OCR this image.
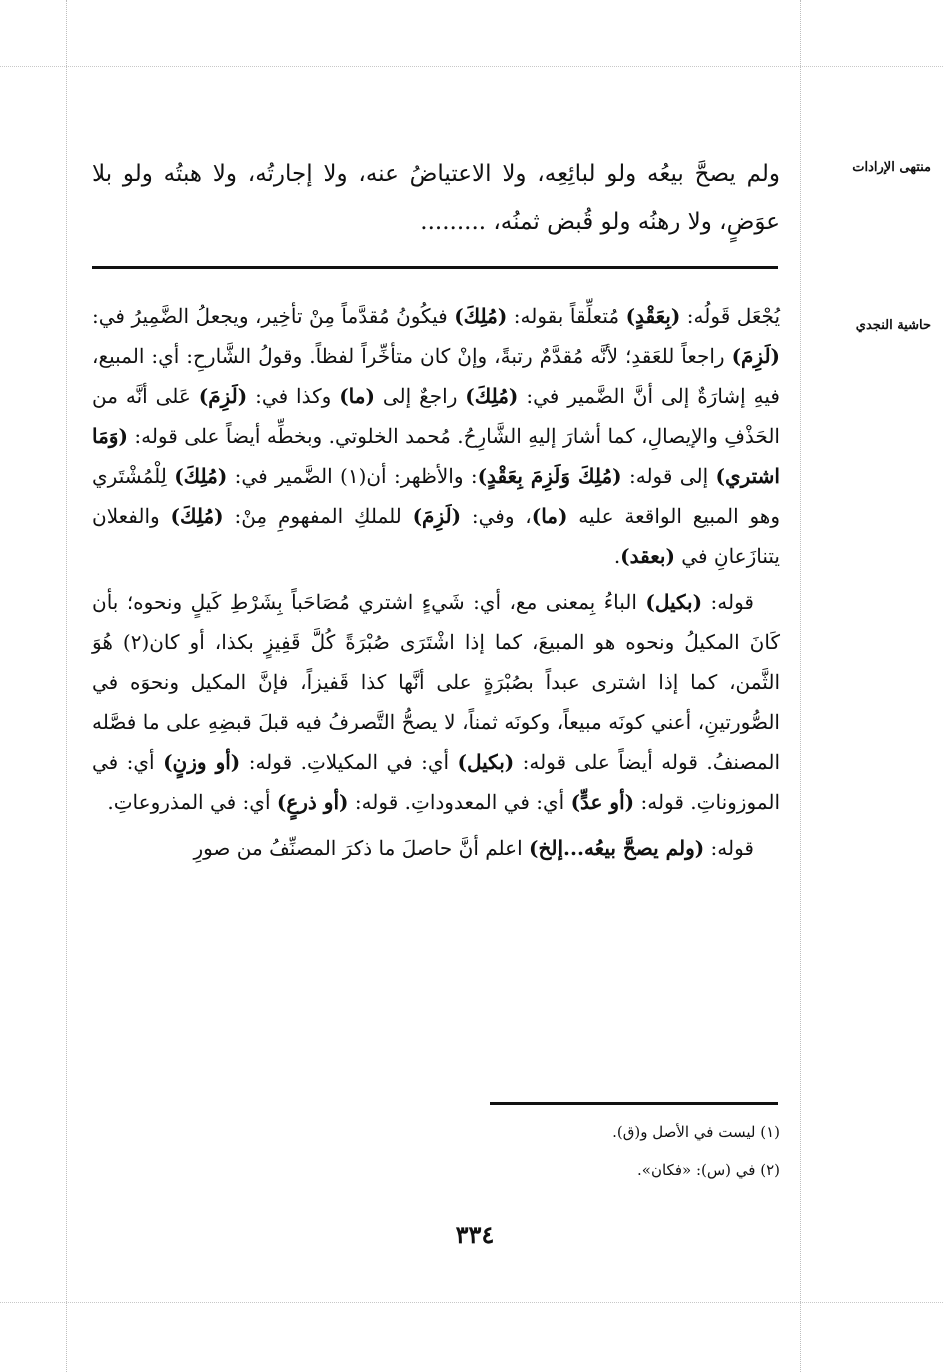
منتهى الإرادات
ولم يصحَّ بيعُه ولو لبائِعِه، ولا الاعتياضُ عنه، ولا إجارتُه، ولا هبتُه ولو بلا عوَضٍ، ولا رهنُه ولو قُبض ثمنُه، .........
حاشية النجدي

يُجْعَل قَولُه: (بِعَقْدٍ) مُتعلِّقاً بقوله: (مُلِكَ) فيكُونُ مُقدَّماً مِنْ تأخِير، ويجعلُ الضَّمِيرُ في: (لَزِمَ) راجعاً للعَقدِ؛ لأنَّه مُقدَّمٌ رتبةً، وإنْ كان متأخِّراً لفظاً. وقولُ الشَّارحِ: أي: المبيع، فيهِ إشارَةٌ إلى أنَّ الضَّمير في: (مُلِكَ) راجعٌ إلى (ما) وكذا في: (لَزِمَ) عَلى أنَّه من الحَذْفِ والإيصالِ، كما أشارَ إليهِ الشَّارِحُ. مُحمد الخلوتي. وبخطِّه أيضاً على قوله: (وَمَا اشتري) إلى قوله: (مُلِكَ وَلَزِمَ بِعَقْدٍ): والأظهر: أن(١) الضَّمير في: (مُلِكَ) لِلْمُشْتَري وهو المبيع الواقعة عليه (ما)، وفي: (لَزِمَ) للملكِ المفهومِ مِنْ: (مُلِكَ) والفعلان يتنازَعانِ في (بعقد).

قوله: (بكيل) الباءُ بِمعنى مع، أي: شَيءٍ اشتري مُصَاحَباً بِشَرْطِ كَيلٍ ونحوه؛ بأن كَانَ المكيلُ ونحوه هو المبيعَ، كما إذا اشْتَرَى صُبْرَةً كُلَّ قَفِيزٍ بكذا، أو كان(٢) هُوَ الثَّمن، كما إذا اشترى عبداً بصُبْرَةٍ على أنَّها كذا قَفيزاً، فإنَّ المكيل ونحوَه في الصُّورتينِ، أعني كونَه مبيعاً، وكونَه ثمناً، لا يصحُّ التَّصرفُ فيه قبلَ قبضِهِ على ما فصَّله المصنفُ. قوله أيضاً على قوله: (بكيل) أي: في المكيلاتِ. قوله: (أو وزنٍ) أي: في الموزوناتِ. قوله: (أو عدٍّ) أي: في المعدوداتِ. قوله: (أو ذرعٍ) أي: في المذروعاتِ.

قوله: (ولم يصحَّ بيعُه...إلخ) اعلم أنَّ حاصلَ ما ذكرَ المصنِّفُ من صورِ

(١) ليست في الأصل و(ق).
(٢) في (س): «فكان».
٣٣٤
